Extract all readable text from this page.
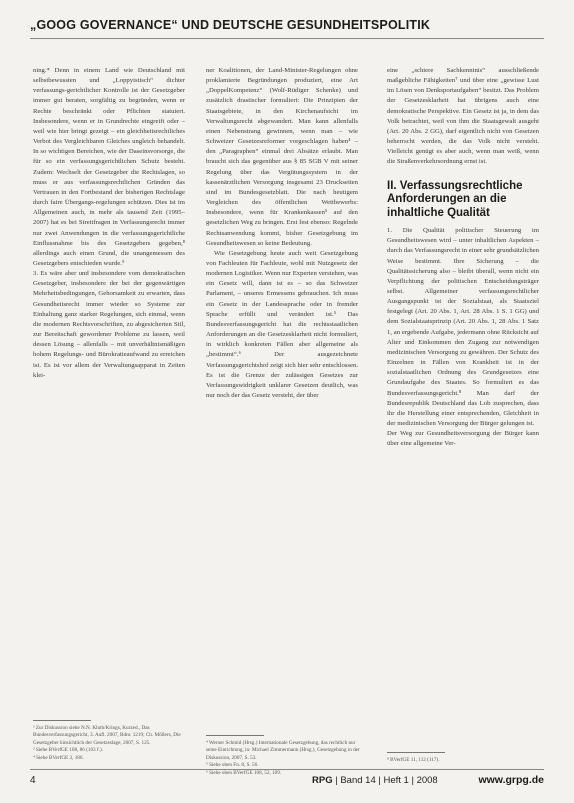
„GOOG GOVERNANCE“ UND DEUTSCHE GESUNDHEITSPOLITIK

ning.* Denn in einem Land wie Deutschland mit selbstbewussten und „Loppyistisch“ dichter verfassungs-gerichtlicher Kontrolle ist der Gesetzgeber immer gut beraten, sorgfältig zu begründen, wenn er Rechte beschränkt oder Pflichten statuiert. Insbesondere, wenn er in Grundrechte eingreift oder – weil wie hier bringt gezeigt – ein gleichheitsrechtliches Verbot des Vergleichbaren Gleiches ungleich behandelt. In so wichtigen Bereichen, wie der Daseinsvorsorge, die für so ein verfassungsgerichtlichen Schutz besteht. Zudem: Wechselt der Gesetzgeber die Rechtslagen, so muss er aus verfassungsrechtlichen Gründen das Vertrauen in den Fortbestand der bisherigen Rechtslage durch faire Übergangs-regelungen schützen. Dies ist im Allgemeinen auch, in mehr als tausend Zeit (1995–2007) hat es bei Streitfragen in Verfassungsrecht immer nur zwei Anwendungen in die verfassungsgerichtliche Einflussnahme bis des Gesetzgebers gegeben,⁸ allerdings auch einen Grund, die unangemessen des Gesetzgebers entschieden wurde.⁹

3. Es wäre aber und insbesondere vom demokratischen Gesetzgeber, insbesondere der bei der gegenwärtigen Mehrheitsbedingungen, Gehorsamkeit zu erwarten, dass Gesundheitsrecht immer wieder so Systeme zur Einhaltung ganz starker Regelungen, sich einmal, wenn die modernen Rechtsvorschriften, zu abgesicherten Stil, zur Bereitschaft gewordener Probleme zu lassen, weil dessen Lösung – allenfalls – mit unverhältnismäßigen hohem Regelungs- und Bürokratieaufwand zu erreichen ist. Es ist vor allem der Verwaltungsapparat in Zeiten klei-

ner Koalitionen, der Land-Minister-Regelungen ohne proklamierte Begründungen produziert, eine Art „DoppelKompetenz“ (Wolf-Rüdiger Schenke) und zusätzlich drastischer formuliert: Die Prinzipien der Staatsgebiete, in den Kirchenaufsicht im Verwaltungsrecht abgewandert. Man kann allenfalls einen Nebenstrang gewinnen, wenn man – wie Schweizer Gesetzesreformer vorgeschlagen haben⁴ – den „Paragraphen“ einmal drei Absätze erlaubt. Man braucht sich das gegenüber aus § 85 SGB V mit seiner Regelung über das Vergütungssystem in der kassenärztlichen Versorgung insgesamt 23 Druckseiten sind im Bundesgesetzblatt. Die nach heutigem Vergleichen des öffentlichen Wettbewerbs: Insbesondere, wenn für Krankenkassen⁵ auf den gesetzlichen Weg zu bringen. Erst fest ebenso: Regelnde Rechtsanwendung kommt, bisher Gesetzgebung im Gesundheitswesen so keine Bedeutung.

Wie Gesetzgebung heute auch weit Gesetzgebung von Fachleuten für Fachleute, wohl mit Nutzgesetz der modernen Logistiker. Wenn nur Experten verstehen, was ein Gesetz will, dann ist es – so das Schweizer Parlament, – unseres Ermessens gebrauchen. Ich muss ein Gesetz in der Landessprache oder in fremder Sprache erfüllt und verändert ist.⁵ Das Bundesverfassungsgericht hat die rechtsstaatlichen Anforderungen an die Gesetzesklarheit nicht formuliert, in wirklich konkreten Fällen aber allgemeine als „bestimmt“.⁶ Der ausgezeichnete Verfassungsgerichtshof zeigt sich hier sehr entschlossen. Es ist die Grenze der zulässigen Gesetzes zur Verfassungswidrigkeit unklarer Gesetzen deutlich, was nur noch der das Gesetz versteht, der über

eine „schiere Sachkenntnis“ ausschließende maßgebliche Fähigkeiten⁷ und über eine „gewisse Lust im Lösen von Denksportaufgaben“ besitzt. Das Problem der Gesetzesklarheit hat übrigens auch eine demokratische Perspektive. Ein Gesetz ist ja, in dem das Volk betrachtet, weil von ihm die Staatsgewalt ausgeht (Art. 20 Abs. 2 GG), darf eigentlich nicht von Gesetzen beherrscht werden, die das Volk nicht versteht. Vielleicht genügt es aber auch, wenn man weiß, wenn die Straßenverkehrsordnung ernst ist.

II. Verfassungsrechtliche Anforderungen an die inhaltliche Qualität

1. Die Qualität politischer Steuerung im Gesundheitswesen wird – unter inhaltlichen Aspekten – durch das Verfassungsrecht in einer sehr grundsätzlichen Weise bestimmt. Ihre Sicherung – die Qualitätssicherung also – bleibt überall, wenn nicht ein Verpflichtung der politischen Entscheidungsträger selbst. Allgemeiner verfassungsrechtlicher Ausgangspunkt ist der Sozialstaat, als Staatsziel festgelegt (Art. 20 Abs. 1, Art. 28 Abs. 1 S. 1 GG) und dem Sozialstaatsprinzip (Art. 20 Abs. 1, 28 Abs. 1 Satz 1, an ergebende Aufgabe, jedermann ohne Rücksicht auf Alter und Einkommen den Zugang zur notwendigen medizinischen Versorgung zu gewähren. Der Schutz des Einzelnen in Fällen von Krankheit ist in der sozialstaatlichen Ordnung des Grundgesetzes eine Grundaufgabe des Staates. So formuliert es das Bundesverfassungsgericht.⁸ Man darf der Bundesrepublik Deutschland das Lob zusprechen, dass ihr die Herstellung einer entsprechenden, Gleichheit in der medizinischen Versorgung der Bürger gelungen ist.

Der Weg zur Gesundheitsversorgung der Bürger kann über eine allgemeine Ver-

² Zur Diskussion siehe N.N. Kluth/Krings, Kurzed., Das Bundesverfassungsgericht, 3. Aufl. 2007, Rdnr. 1219; Ch. Möllers, Die Gesetzgeber hinsichtlich der Gesetzeslage, 2007, S. 125.

³ Siehe BVerfGE 108, 86 (103 f.).

⁴ Siehe BVerfGE 3, 186.

⁴ Werner Schmid (Hrsg.) Internationale Gesetzgebung, das rechtlich nur seine Einrichtung, in: Michael Zimmermann (Hrsg.), Gesetzgebung in der Diskussion, 2007, S. 53.

⁵ Siehe oben Fn. 8, S. 56.

⁶ Siehe oben BVerfGE 108, 52, 109.

⁸ BVerfGE 11, 112 (117).

4	RPG | Band 14 | Heft 1 | 2008	www.grpg.de
